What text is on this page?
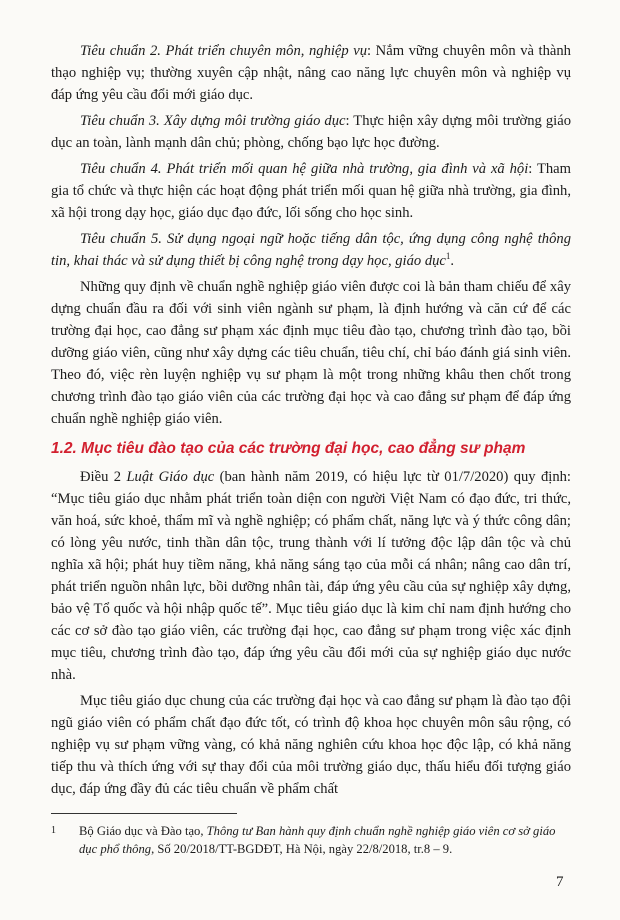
Tiêu chuẩn 2. Phát triển chuyên môn, nghiệp vụ: Nắm vững chuyên môn và thành thạo nghiệp vụ; thường xuyên cập nhật, nâng cao năng lực chuyên môn và nghiệp vụ đáp ứng yêu cầu đổi mới giáo dục.

Tiêu chuẩn 3. Xây dựng môi trường giáo dục: Thực hiện xây dựng môi trường giáo dục an toàn, lành mạnh dân chủ; phòng, chống bạo lực học đường.

Tiêu chuẩn 4. Phát triển mối quan hệ giữa nhà trường, gia đình và xã hội: Tham gia tổ chức và thực hiện các hoạt động phát triển mối quan hệ giữa nhà trường, gia đình, xã hội trong dạy học, giáo dục đạo đức, lối sống cho học sinh.

Tiêu chuẩn 5. Sử dụng ngoại ngữ hoặc tiếng dân tộc, ứng dụng công nghệ thông tin, khai thác và sử dụng thiết bị công nghệ trong dạy học, giáo dục$^1$.

Những quy định về chuẩn nghề nghiệp giáo viên được coi là bản tham chiếu để xây dựng chuẩn đầu ra đối với sinh viên ngành sư phạm, là định hướng và căn cứ để các trường đại học, cao đẳng sư phạm xác định mục tiêu đào tạo, chương trình đào tạo, bồi dưỡng giáo viên, cũng như xây dựng các tiêu chuẩn, tiêu chí, chỉ báo đánh giá sinh viên. Theo đó, việc rèn luyện nghiệp vụ sư phạm là một trong những khâu then chốt trong chương trình đào tạo giáo viên của các trường đại học và cao đẳng sư phạm để đáp ứng chuẩn nghề nghiệp giáo viên.

1.2. Mục tiêu đào tạo của các trường đại học, cao đẳng sư phạm

Điều 2 Luật Giáo dục (ban hành năm 2019, có hiệu lực từ 01/7/2020) quy định: “Mục tiêu giáo dục nhằm phát triển toàn diện con người Việt Nam có đạo đức, tri thức, văn hoá, sức khoẻ, thẩm mĩ và nghề nghiệp; có phẩm chất, năng lực và ý thức công dân; có lòng yêu nước, tinh thần dân tộc, trung thành với lí tưởng độc lập dân tộc và chủ nghĩa xã hội; phát huy tiềm năng, khả năng sáng tạo của mỗi cá nhân; nâng cao dân trí, phát triển nguồn nhân lực, bồi dưỡng nhân tài, đáp ứng yêu cầu của sự nghiệp xây dựng, bảo vệ Tổ quốc và hội nhập quốc tế”. Mục tiêu giáo dục là kim chỉ nam định hướng cho các cơ sở đào tạo giáo viên, các trường đại học, cao đẳng sư phạm trong việc xác định mục tiêu, chương trình đào tạo, đáp ứng yêu cầu đổi mới của sự nghiệp giáo dục nước nhà.

Mục tiêu giáo dục chung của các trường đại học và cao đẳng sư phạm là đào tạo đội ngũ giáo viên có phẩm chất đạo đức tốt, có trình độ khoa học chuyên môn sâu rộng, có nghiệp vụ sư phạm vững vàng, có khả năng nghiên cứu khoa học độc lập, có khả năng tiếp thu và thích ứng với sự thay đổi của môi trường giáo dục, thấu hiểu đối tượng giáo dục, đáp ứng đầy đủ các tiêu chuẩn về phẩm chất

1	Bộ Giáo dục và Đào tạo, Thông tư Ban hành quy định chuẩn nghề nghiệp giáo viên cơ sở giáo dục phổ thông, Số 20/2018/TT-BGDĐT, Hà Nội, ngày 22/8/2018, tr.8 – 9.
7
